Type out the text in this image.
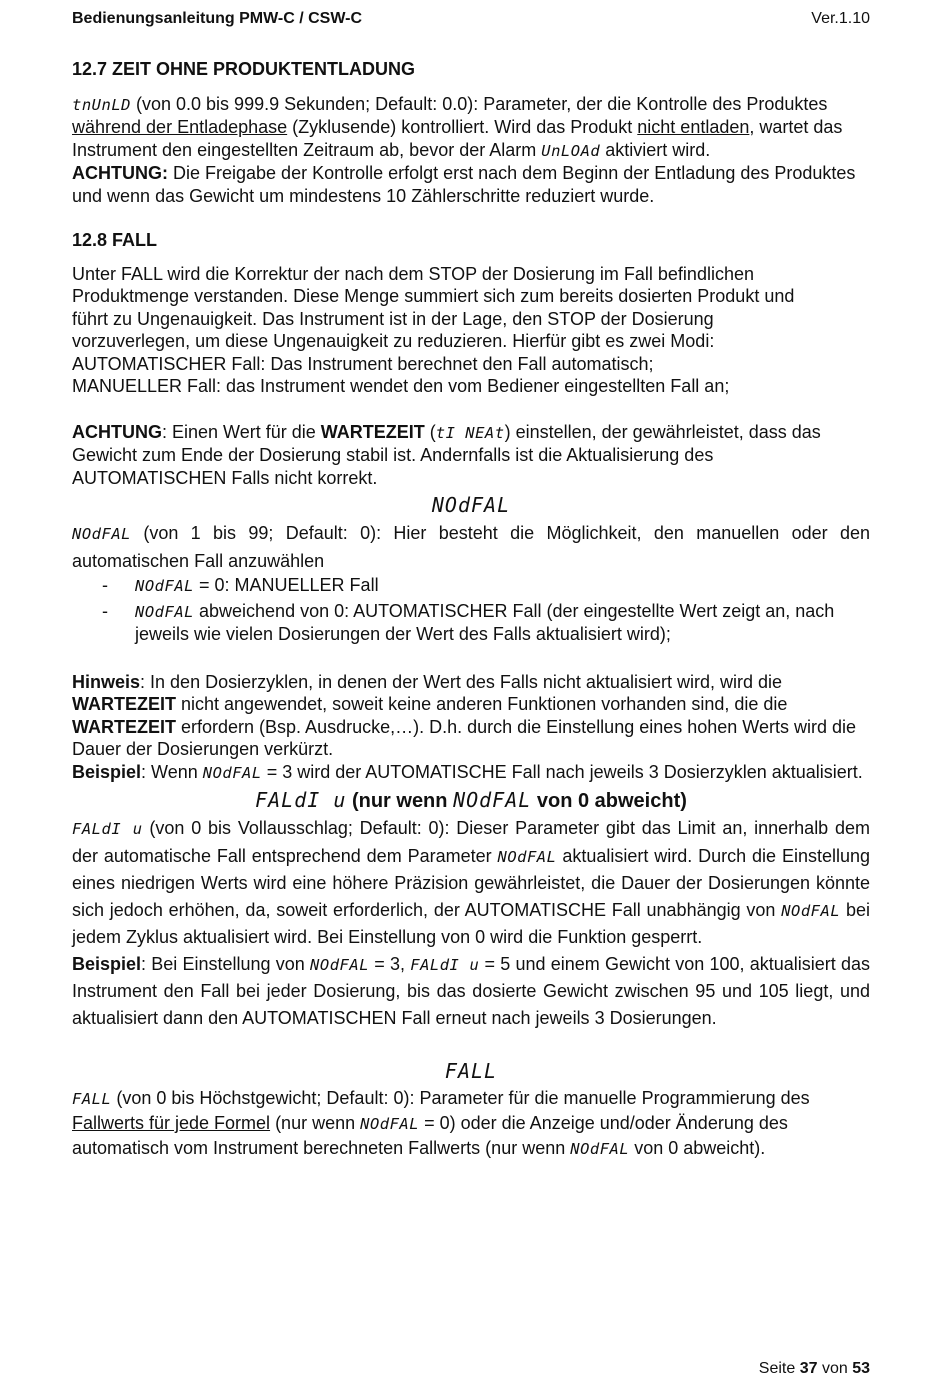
Bedienungsanleitung PMW-C / CSW-C	Ver.1.10

12.7 ZEIT OHNE PRODUKTENTLADUNG

tnUnLD (von 0.0 bis 999.9 Sekunden; Default: 0.0): Parameter, der die Kontrolle des Produktes während der Entladephase (Zyklusende) kontrolliert. Wird das Produkt nicht entladen, wartet das Instrument den eingestellten Zeitraum ab, bevor der Alarm UnLOAd aktiviert wird.

ACHTUNG: Die Freigabe der Kontrolle erfolgt erst nach dem Beginn der Entladung des Produktes und wenn das Gewicht um mindestens 10 Zählerschritte reduziert wurde.

12.8 FALL

Unter FALL wird die Korrektur der nach dem STOP der Dosierung im Fall befindlichen

Produktmenge verstanden. Diese Menge summiert sich zum bereits dosierten Produkt und

führt zu Ungenauigkeit. Das Instrument ist in der Lage, den STOP der Dosierung

vorzuverlegen, um diese Ungenauigkeit zu reduzieren. Hierfür gibt es zwei Modi:

AUTOMATISCHER Fall: Das Instrument berechnet den Fall automatisch;

MANUELLER Fall: das Instrument wendet den vom Bediener eingestellten Fall an;

ACHTUNG: Einen Wert für die WARTEZEIT (tI NEAt) einstellen, der gewährleistet, dass das Gewicht zum Ende der Dosierung stabil ist. Andernfalls ist die Aktualisierung des AUTOMATISCHEN Falls nicht korrekt.

NOdFAL

NOdFAL (von 1 bis 99; Default: 0): Hier besteht die Möglichkeit, den manuellen oder den automatischen Fall anzuwählen

- NOdFAL = 0: MANUELLER Fall
- NOdFAL abweichend von 0: AUTOMATISCHER Fall (der eingestellte Wert zeigt an, nach jeweils wie vielen Dosierungen der Wert des Falls aktualisiert wird);

Hinweis: In den Dosierzyklen, in denen der Wert des Falls nicht aktualisiert wird, wird die WARTEZEIT nicht angewendet, soweit keine anderen Funktionen vorhanden sind, die die WARTEZEIT erfordern (Bsp. Ausdrucke,…). D.h. durch die Einstellung eines hohen Werts wird die Dauer der Dosierungen verkürzt.

Beispiel: Wenn NOdFAL = 3 wird der AUTOMATISCHE Fall nach jeweils 3 Dosierzyklen aktualisiert.

FALdI u (nur wenn NOdFAL von 0 abweicht)

FALdI u (von 0 bis Vollausschlag; Default: 0): Dieser Parameter gibt das Limit an, innerhalb dem der automatische Fall entsprechend dem Parameter NOdFAL aktualisiert wird. Durch die Einstellung eines niedrigen Werts wird eine höhere Präzision gewährleistet, die Dauer der Dosierungen könnte sich jedoch erhöhen, da, soweit erforderlich, der AUTOMATISCHE Fall unabhängig von NOdFAL bei jedem Zyklus aktualisiert wird. Bei Einstellung von 0 wird die Funktion gesperrt.

Beispiel: Bei Einstellung von NOdFAL = 3, FALdI u = 5 und einem Gewicht von 100, aktualisiert das Instrument den Fall bei jeder Dosierung, bis das dosierte Gewicht zwischen 95 und 105 liegt, und aktualisiert dann den AUTOMATISCHEN Fall erneut nach jeweils 3 Dosierungen.

FALL

FALL (von 0 bis Höchstgewicht; Default: 0): Parameter für die manuelle Programmierung des Fallwerts für jede Formel (nur wenn NOdFAL = 0) oder die Anzeige und/oder Änderung des automatisch vom Instrument berechneten Fallwerts (nur wenn NOdFAL von 0 abweicht).

Seite 37 von 53
